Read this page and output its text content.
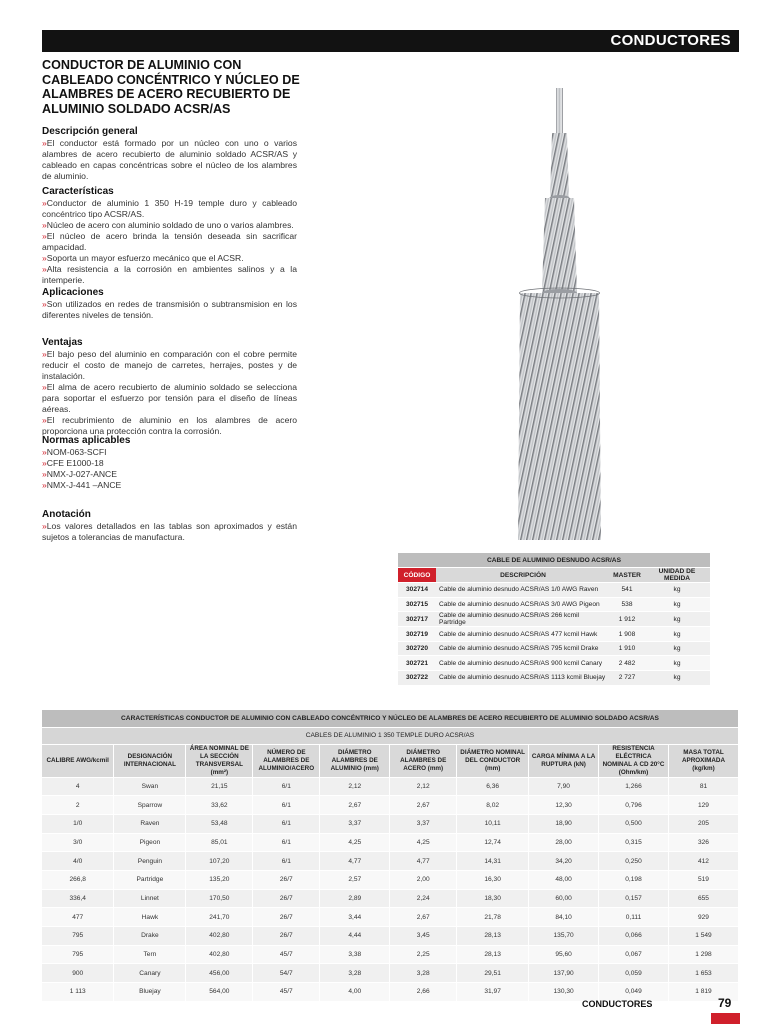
CONDUCTORES
CONDUCTOR DE ALUMINIO CON CABLEADO CONCÉNTRICO Y NÚCLEO DE ALAMBRES DE ACERO RECUBIERTO DE ALUMINIO SOLDADO ACSR/AS
Descripción general

»El conductor está formado por un núcleo con uno o varios alambres de acero recubierto de aluminio soldado ACSR/AS y cableado en capas concéntricas sobre el núcleo de los alambres de aluminio.

Características

»Conductor de aluminio 1 350 H-19 temple duro y cableado concéntrico tipo ACSR/AS.

»Núcleo de acero con aluminio soldado de uno o varios alambres.

»El núcleo de acero brinda la tensión deseada sin sacrificar ampacidad.

»Soporta un mayor esfuerzo mecánico que el ACSR.

»Alta resistencia a la corrosión en ambientes salinos y a la intemperie.

Aplicaciones

»Son utilizados en redes de transmisión o subtransmision en los diferentes niveles de tensión.

Ventajas

»El bajo peso del aluminio en comparación con el cobre permite reducir el costo de manejo de carretes, herrajes, postes y de instalación.

»El alma de acero recubierto de aluminio soldado se selecciona para soportar el esfuerzo por tensión para el diseño de líneas aéreas.

»El recubrimiento de aluminio en los alambres de acero proporciona una protección contra la corrosión.

Normas aplicables

»NOM-063-SCFI

»CFE E1000-18

»NMX-J-027-ANCE

»NMX-J-441 –ANCE

Anotación

»Los valores detallados en las tablas son aproximados y están sujetos a tolerancias de manufactura.

CABLE DE ALUMINIO DESNUDO ACSR/AS			
CÓDIGO	DESCRIPCIÓN	MASTER	UNIDAD DE MEDIDA
302714	Cable de aluminio desnudo ACSR/AS 1/0 AWG Raven	541	kg
302715	Cable de aluminio desnudo ACSR/AS 3/0 AWG Pigeon	538	kg
302717	Cable de aluminio desnudo ACSR/AS 266 kcmil Partridge	1 912	kg
302719	Cable de aluminio desnudo ACSR/AS 477 kcmil Hawk	1 908	kg
302720	Cable de aluminio desnudo ACSR/AS 795 kcmil Drake	1 910	kg
302721	Cable de aluminio desnudo ACSR/AS 900 kcmil Canary	2 482	kg
302722	Cable de aluminio desnudo ACSR/AS 1113 kcmil Bluejay	2 727	kg
CARACTERÍSTICAS CONDUCTOR DE ALUMINIO CON CABLEADO CONCÉNTRICO Y NÚCLEO DE ALAMBRES DE ACERO RECUBIERTO DE ALUMINIO SOLDADO ACSR/AS									
CABLES DE ALUMINIO 1 350 TEMPLE DURO ACSR/AS									
CALIBRE AWG/kcmil	DESIGNACIÓN INTERNACIONAL	ÁREA NOMINAL DE LA SECCIÓN TRANSVERSAL (mm²)	NÚMERO DE ALAMBRES DE ALUMINIO/ACERO	DIÁMETRO ALAMBRES DE ALUMINIO (mm)	DIÁMETRO ALAMBRES DE ACERO (mm)	DIÁMETRO NOMINAL DEL CONDUCTOR (mm)	CARGA MÍNIMA A LA RUPTURA (kN)	RESISTENCIA ELÉCTRICA NOMINAL A CD 20°C (Ohm/km)	MASA TOTAL APROXIMADA (kg/km)
4	Swan	21,15	6/1	2,12	2,12	6,36	7,90	1,266	81
2	Sparrow	33,62	6/1	2,67	2,67	8,02	12,30	0,796	129
1/0	Raven	53,48	6/1	3,37	3,37	10,11	18,90	0,500	205
3/0	Pigeon	85,01	6/1	4,25	4,25	12,74	28,00	0,315	326
4/0	Penguin	107,20	6/1	4,77	4,77	14,31	34,20	0,250	412
266,8	Partridge	135,20	26/7	2,57	2,00	16,30	48,00	0,198	519
336,4	Linnet	170,50	26/7	2,89	2,24	18,30	60,00	0,157	655
477	Hawk	241,70	26/7	3,44	2,67	21,78	84,10	0,111	929
795	Drake	402,80	26/7	4,44	3,45	28,13	135,70	0,066	1 549
795	Tern	402,80	45/7	3,38	2,25	28,13	95,60	0,067	1 298
900	Canary	456,00	54/7	3,28	3,28	29,51	137,90	0,059	1 653
1 113	Bluejay	564,00	45/7	4,00	2,66	31,97	130,30	0,049	1 819
CONDUCTORES	79
